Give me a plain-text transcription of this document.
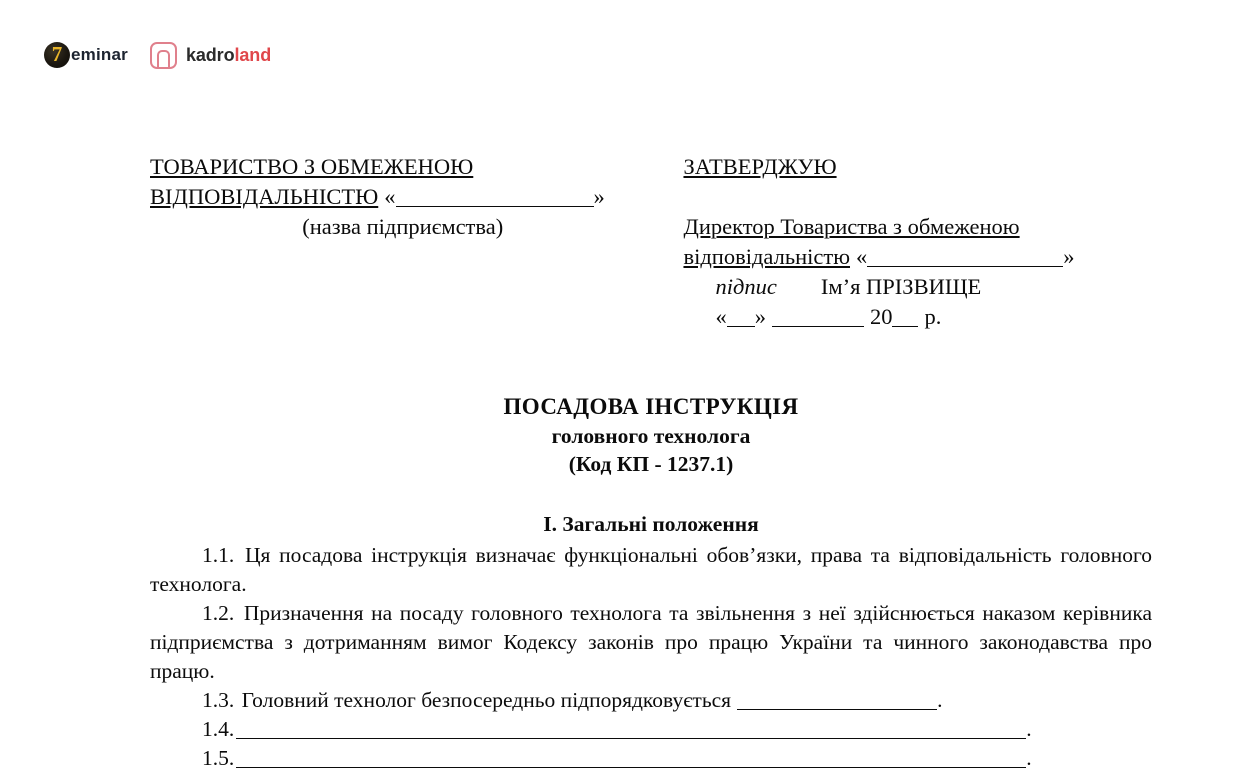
7 eminar	kadroland
ТОВАРИСТВО З ОБМЕЖЕНОЮ
ВІДПОВІДАЛЬНІСТЮ «	»
(назва підприємства)
ЗАТВЕРДЖУЮ

Директор Товариства з обмеженою
відповідальністю «	»
підпис Ім’я ПРІЗВИЩЕ
« »	20 р.
ПОСАДОВА ІНСТРУКЦІЯ
головного технолога
(Код КП - 1237.1)
I. Загальні положення

1.1. Ця посадова інструкція визначає функціональні обов’язки, права та відповідальність головного технолога.

1.2. Призначення на посаду головного технолога та звільнення з неї здійснюється наказом керівника підприємства з дотриманням вимог Кодексу законів про працю України та чинного законодавства про працю.

1.3. Головний технолог безпосередньо підпорядковується	.

1.4.	.

1.5.	.
